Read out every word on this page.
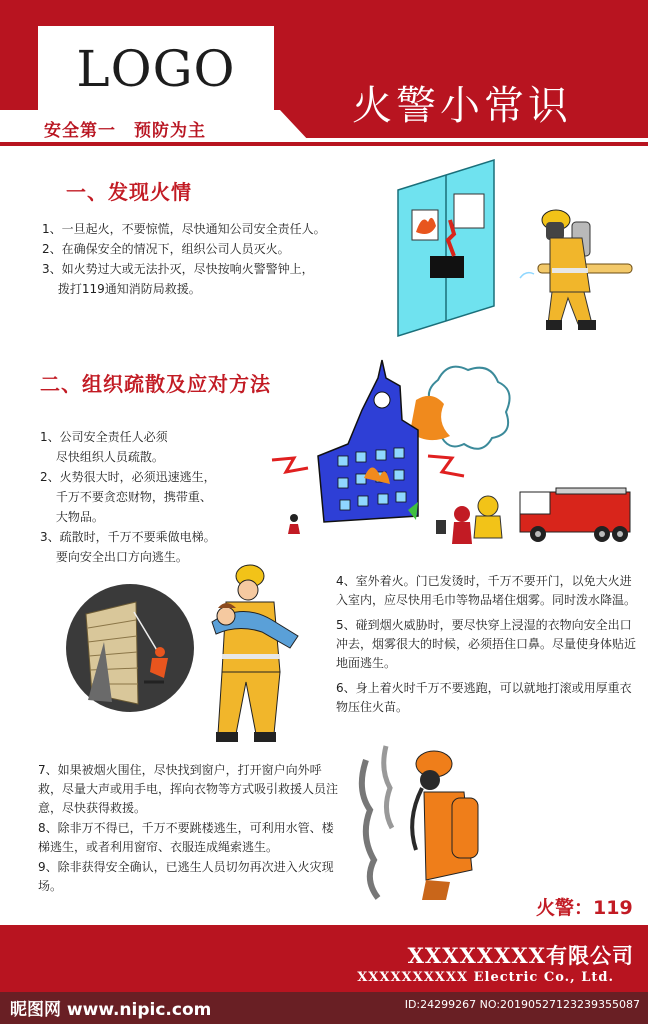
LOGO
安全第一　预防为主
火警小常识
一、发现火情
1、一旦起火，不要惊慌，尽快通知公司安全责任人。
2、在确保安全的情况下，组织公司人员灭火。
3、如火势过大或无法扑灭，尽快按响火警警钟上，
　 拨打119通知消防局救援。
二、组织疏散及应对方法
1、公司安全责任人必须
　 尽快组织人员疏散。
2、火势很大时，必须迅速逃生，
　 千万不要贪恋财物，携带重、
　 大物品。
3、疏散时，千万不要乘做电梯。
　 要向安全出口方向逃生。
4、室外着火。门已发烫时，千万不要开门，以免大火进入室内，应尽快用毛巾等物品堵住烟雾。同时泼水降温。
5、碰到烟火威胁时，要尽快穿上浸湿的衣物向安全出口冲去，烟雾很大的时候，必须捂住口鼻。尽量使身体贴近地面逃生。
6、身上着火时千万不要逃跑，可以就地打滚或用厚重衣物压住火苗。
7、如果被烟火围住，尽快找到窗户，打开窗户向外呼救，尽量大声或用手电，挥向衣物等方式吸引救援人员注意，尽快获得救援。
8、除非万不得已，千万不要跳楼逃生，可利用水管、楼梯逃生，或者利用窗帘、衣服连成绳索逃生。
9、除非获得安全确认，已逃生人员切勿再次进入火灾现场。
火警：119
XXXXXXXX有限公司
XXXXXXXXXX Electric Co., Ltd.
昵图网 www.nipic.com	ID:24299267 NO:20190527123239355087
